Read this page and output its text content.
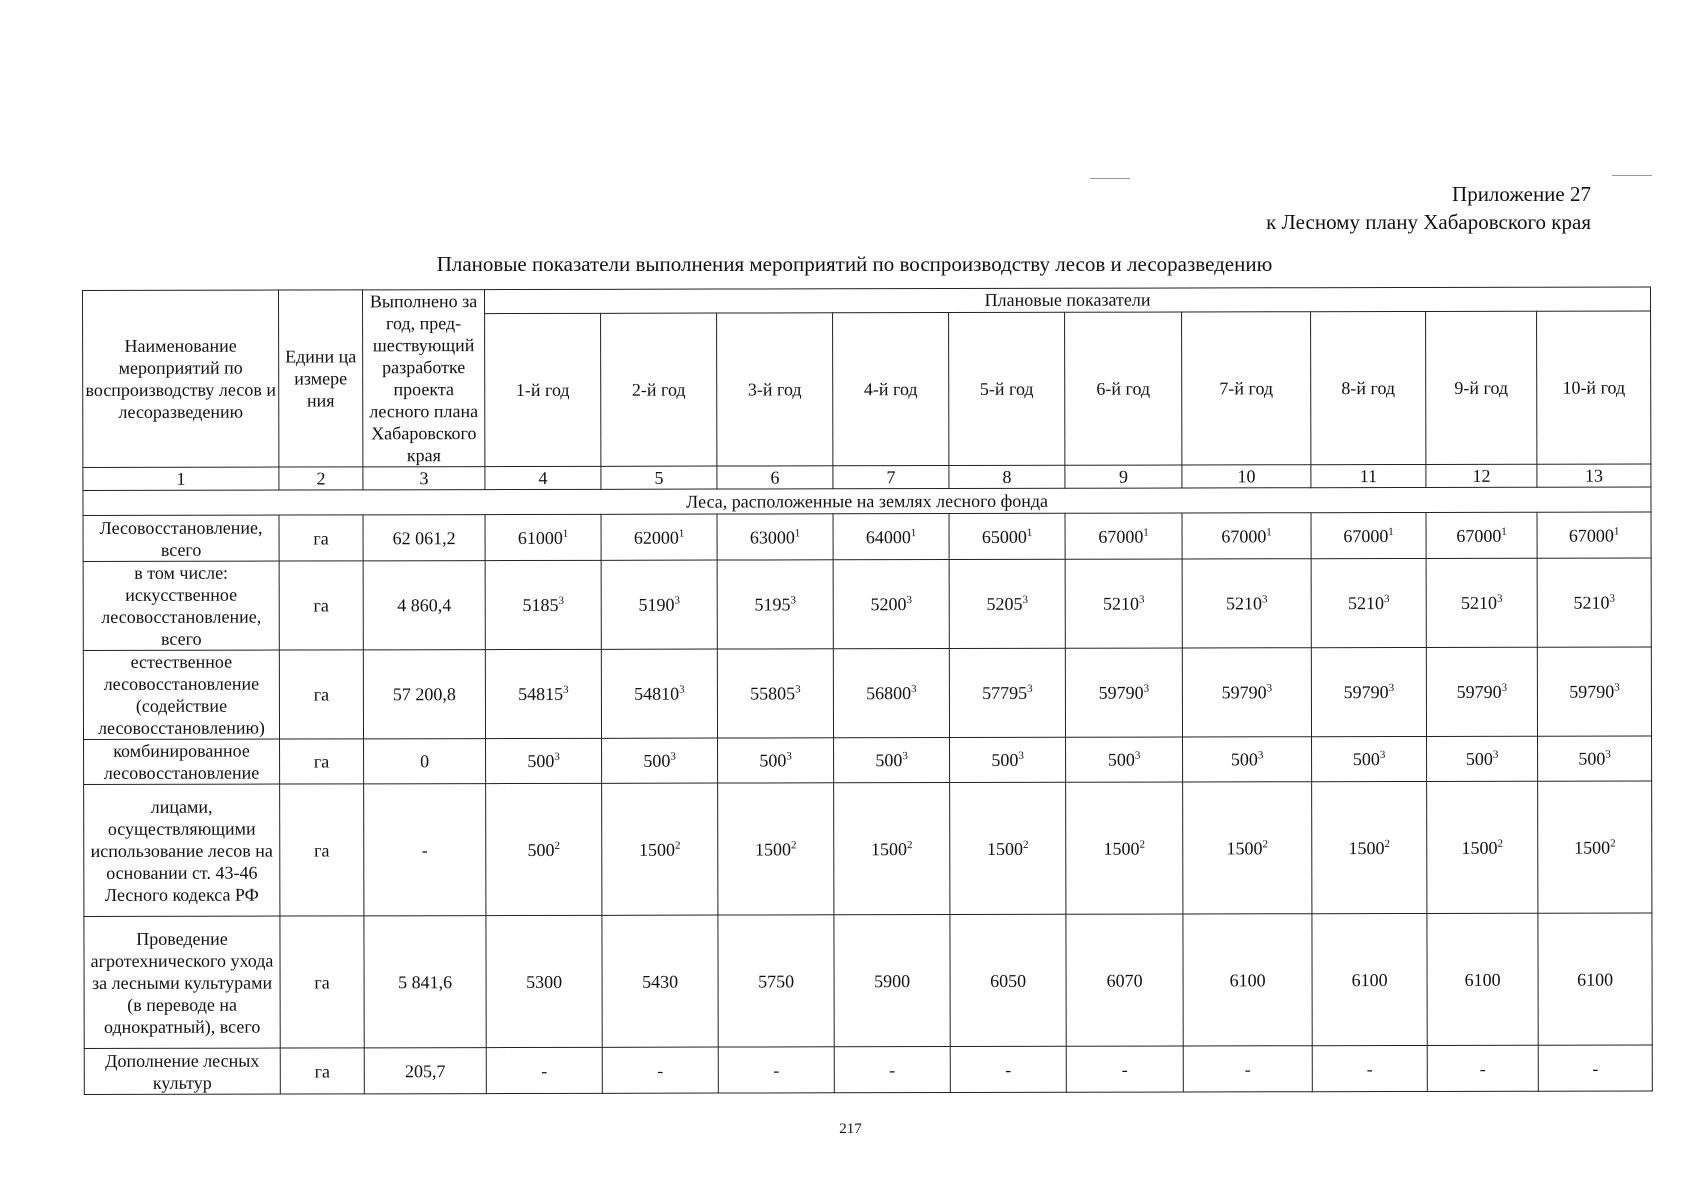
Приложение 27
к Лесному плану Хабаровского края
Плановые показатели выполнения мероприятий по воспроизводству лесов и лесоразведению
Наименование мероприятий по воспроизводству лесов и лесоразведению	Едини ца измере ния	Выполнено за год, пред- шествующий разработке проекта лесного плана Хабаровского края	Плановые показатели									
			1-й год	2-й год	3-й год	4-й год	5-й год	6-й год	7-й год	8-й год	9-й год	10-й год
1	2	3	4	5	6	7	8	9	10	11	12	13
Леса, расположенные на землях лесного фонда												
Лесовосстановление, всего	га	62 061,2	61000$^1$	62000$^1$	63000$^1$	64000$^1$	65000$^1$	67000$^1$	67000$^1$	67000$^1$	67000$^1$	67000$^1$
в том числе: искусственное лесовосстановление, всего	га	4 860,4	5185$^3$	5190$^3$	5195$^3$	5200$^3$	5205$^3$	5210$^3$	5210$^3$	5210$^3$	5210$^3$	5210$^3$
естественное лесовосстановление (содействие лесовосстановлению)	га	57 200,8	54815$^3$	54810$^3$	55805$^3$	56800$^3$	57795$^3$	59790$^3$	59790$^3$	59790$^3$	59790$^3$	59790$^3$
комбинированное лесовосстановление	га	0	$500^3$	$500^3$	$500^3$	$500^3$	$500^3$	$500^3$	$500^3$	$500^3$	$500^3$	$500^3$
лицами, осуществляющими использование лесов на основании ст. 43-46 Лесного кодекса РФ	га	-	$500^2$	1500$^2$	1500$^2$	1500$^2$	1500$^2$	1500$^2$	1500$^2$	1500$^2$	1500$^2$	1500$^2$
Проведение агротехнического ухода за лесными культурами (в переводе на однократный), всего	га	5 841,6	5300	5430	5750	5900	6050	6070	6100	6100	6100	6100
Дополнение лесных культур	га	205,7	-	-	-	-	-	-	-	-	-	-
217
